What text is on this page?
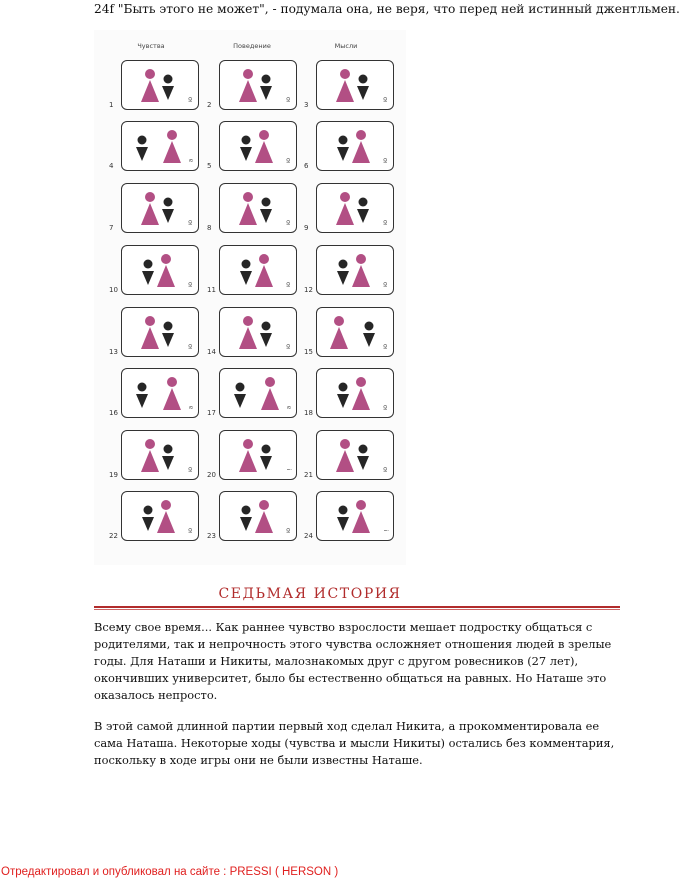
24f "Быть этого не может", - подумала она, не веря, что перед ней истинный джентльмен.
Чувства	Поведение	Мысли
1
ю
2
ю
3
ю
4
а
5
ю
6
ю
7
ю
8
ю
9
ю
10
ю
11
ю
12
ю
13
ю
14
ю
15
ю
16
а
17
а
18
ю
19
ю
20
!
21
ю
22
ю
23
ю
24
!
СЕДЬМАЯ ИСТОРИЯ
Всему свое время... Как раннее чувство взрослости мешает подростку общаться с родителями, так и непрочность этого чувства осложняет отношения людей в зрелые годы. Для Наташи и Никиты, малознакомых друг с другом ровесников (27 лет), окончивших университет, было бы естественно общаться на равных. Но Наташе это оказалось непросто.
В этой самой длинной партии первый ход сделал Никита, а прокомментировала ее сама Наташа. Некоторые ходы (чувства и мысли Никиты) остались без комментария, поскольку в ходе игры они не были известны Наташе.
Отредактировал и опубликовал на сайте : PRESSI ( HERSON )
